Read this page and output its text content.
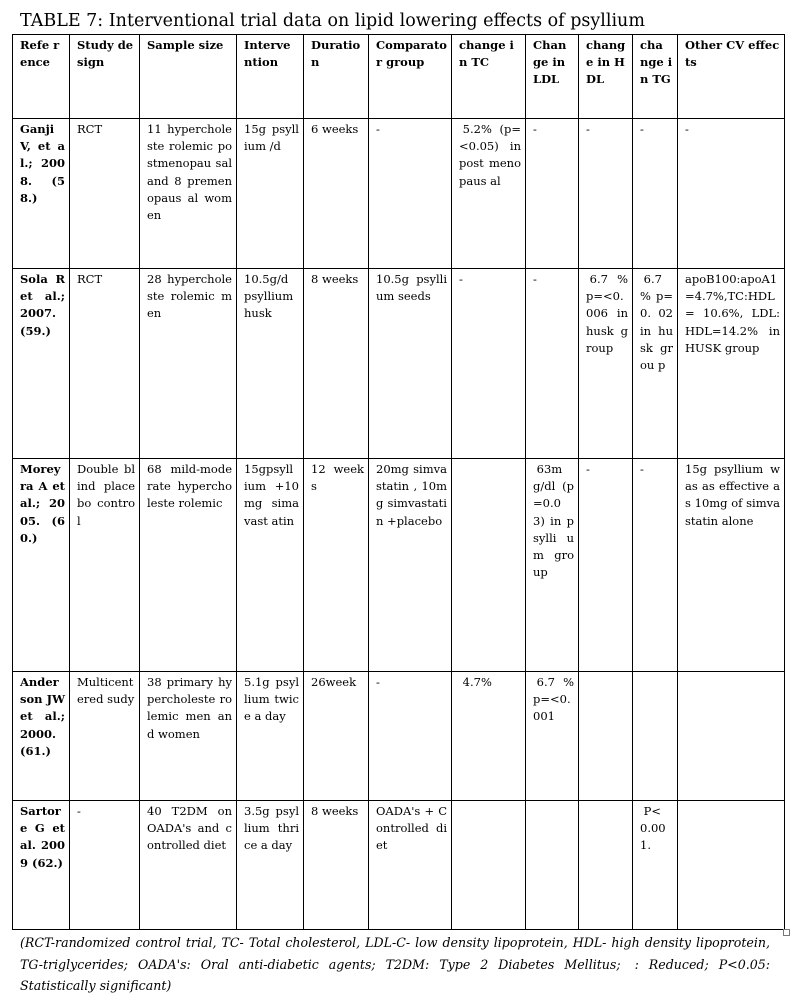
TABLE 7: Interventional trial data on lipid lowering effects of psyllium
Refe rence	Study design	Sample size	Interve ntion	Duratio n	Comparato r group	change in TC	Chan ge in LDL	chang e in HDL	cha nge in TG	Other CV effects
Ganji V, et al.; 2008. (58.)	RCT	11 hypercholeste rolemic postmenopau sal and 8 premenopaus al women	15g psyllium /d	6 weeks	-	 5.2% (p=<0.05) in post menopaus al	-	-	-	-
Sola R et al.; 2007. (59.)	RCT	28 hypercholeste rolemic men	10.5g/d psyllium husk	8 weeks	10.5g psyllium seeds	-	-	 6.7 % p=<0. 006 in husk group	 6.7 % p=0. 02 in husk grou p	apoB100:apoA1 =4.7%,TC:HDL= 10.6%, LDL:HDL=14.2% in HUSK group
Morey ra A et al.; 2005. (60.)	Double blind placebo control	68 mild-moderate hypercholeste rolemic	15gpsyll ium +10mg simavast atin	12 weeks	20mg simvastatin , 10mg simvastatin +placebo		 63m g/dl (p=0.0 3) in psylli um group	-	-	15g psyllium was as effective as 10mg of simvastatin alone
Ander son JW et al.; 2000. (61.)	Multicent ered sudy	38 primary hypercholeste rolemic men and women	5.1g psyllium twice a day	26week	-	 4.7%	 6.7 % p=<0. 001			
Sartor e G et al. 2009 (62.)	-	40 T2DM on OADA's and controlled diet	3.5g psyllium thrice a day	8 weeks	OADA's + Controlled diet				 P< 0.00 1.	
(RCT-randomized control trial, TC- Total cholesterol, LDL-C- low density lipoprotein, HDL- high density lipoprotein, TG-triglycerides; OADA's: Oral anti-diabetic agents; T2DM: Type 2 Diabetes Mellitus;  : Reduced; P<0.05: Statistically significant)
